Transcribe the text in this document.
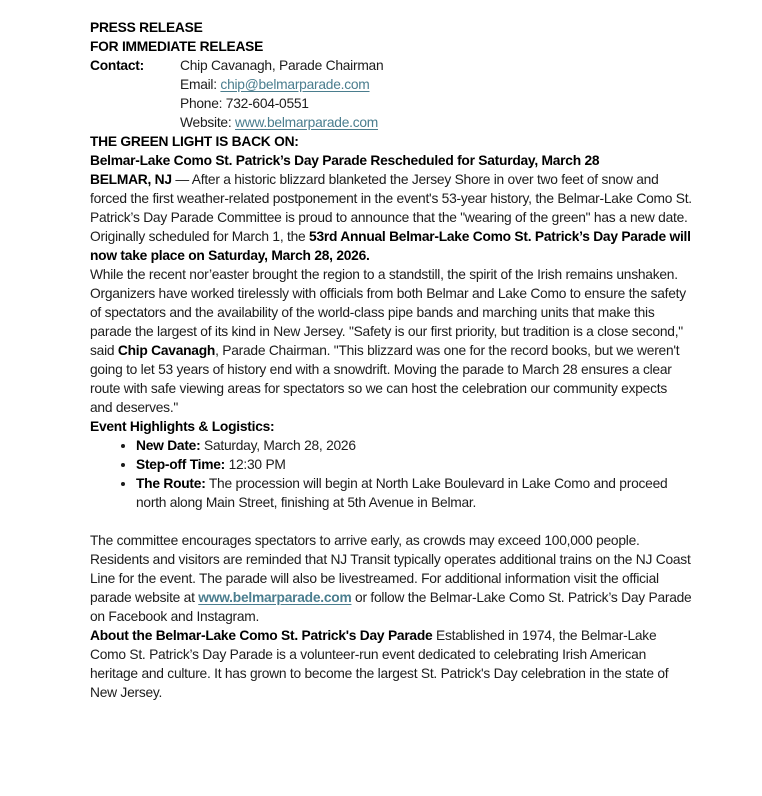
PRESS RELEASE

FOR IMMEDIATE RELEASE

Contact:	Chip Cavanagh, Parade Chairman

Email: chip@belmarparade.com

Phone: 732-604-0551

Website: www.belmarparade.com

THE GREEN LIGHT IS BACK ON:

Belmar-Lake Como St. Patrick’s Day Parade Rescheduled for Saturday, March 28

BELMAR, NJ — After a historic blizzard blanketed the Jersey Shore in over two feet of snow and forced the first weather-related postponement in the event's 53-year history, the Belmar-Lake Como St. Patrick’s Day Parade Committee is proud to announce that the "wearing of the green" has a new date. Originally scheduled for March 1, the 53rd Annual Belmar-Lake Como St. Patrick’s Day Parade will now take place on Saturday, March 28, 2026.

While the recent nor’easter brought the region to a standstill, the spirit of the Irish remains unshaken. Organizers have worked tirelessly with officials from both Belmar and Lake Como to ensure the safety of spectators and the availability of the world-class pipe bands and marching units that make this parade the largest of its kind in New Jersey. "Safety is our first priority, but tradition is a close second," said Chip Cavanagh, Parade Chairman. "This blizzard was one for the record books, but we weren't going to let 53 years of history end with a snowdrift. Moving the parade to March 28 ensures a clear route with safe viewing areas for spectators so we can host the celebration our community expects and deserves."

Event Highlights & Logistics:

• New Date: Saturday, March 28, 2026
• Step-off Time: 12:30 PM
• The Route: The procession will begin at North Lake Boulevard in Lake Como and proceed north along Main Street, finishing at 5th Avenue in Belmar.

The committee encourages spectators to arrive early, as crowds may exceed 100,000 people. Residents and visitors are reminded that NJ Transit typically operates additional trains on the NJ Coast Line for the event. The parade will also be livestreamed. For additional information visit the official parade website at www.belmarparade.com or follow the Belmar-Lake Como St. Patrick’s Day Parade on Facebook and Instagram.

About the Belmar-Lake Como St. Patrick's Day Parade Established in 1974, the Belmar-Lake Como St. Patrick’s Day Parade is a volunteer-run event dedicated to celebrating Irish American heritage and culture. It has grown to become the largest St. Patrick's Day celebration in the state of New Jersey.
